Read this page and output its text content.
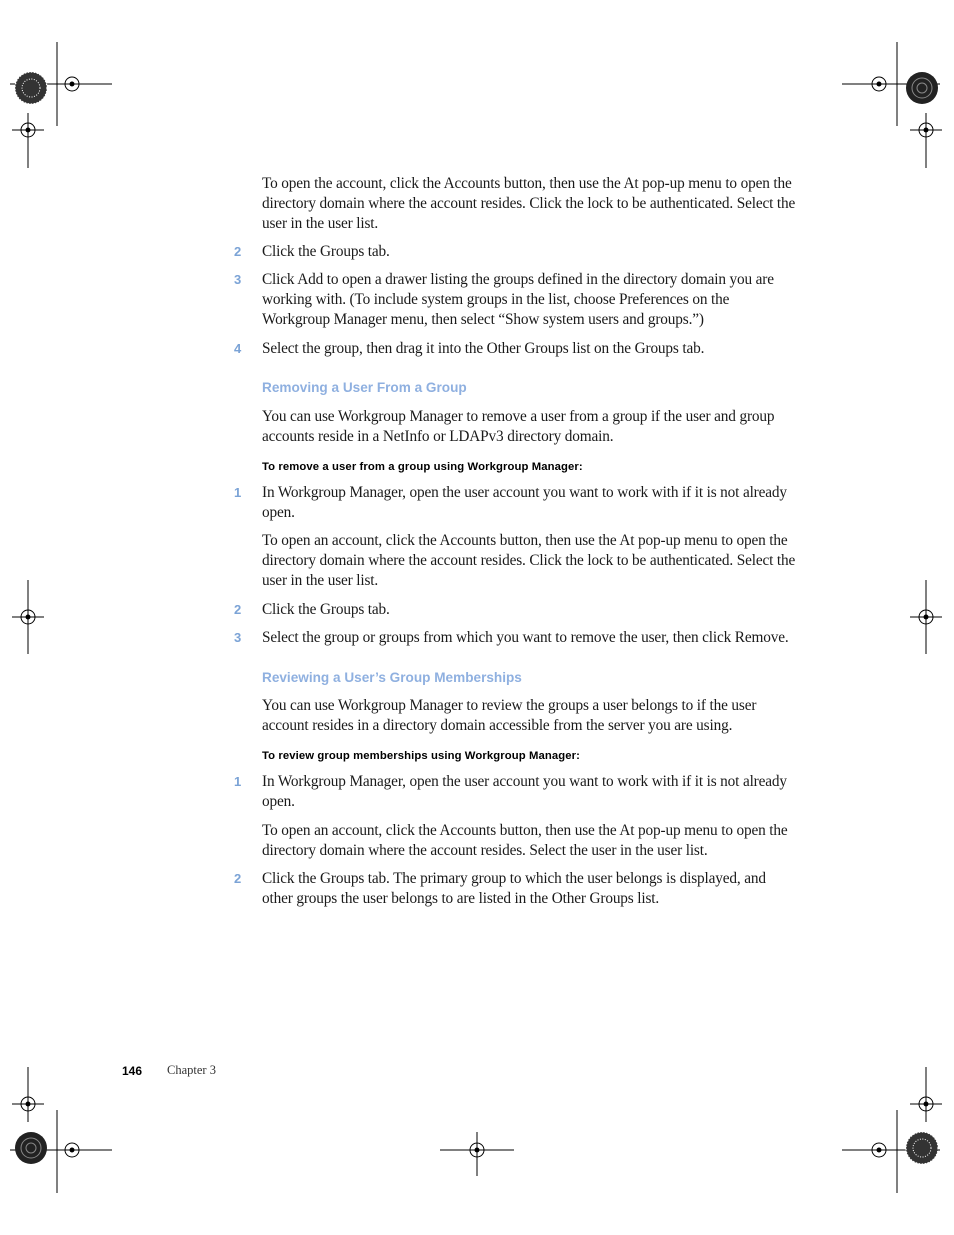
To open the account, click the Accounts button, then use the At pop-up menu to open the directory domain where the account resides. Click the lock to be authenticated. Select the user in the user list.

2 Click the Groups tab.

3 Click Add to open a drawer listing the groups defined in the directory domain you are working with. (To include system groups in the list, choose Preferences on the Workgroup Manager menu, then select “Show system users and groups.”)

4 Select the group, then drag it into the Other Groups list on the Groups tab.

Removing a User From a Group

You can use Workgroup Manager to remove a user from a group if the user and group accounts reside in a NetInfo or LDAPv3 directory domain.

To remove a user from a group using Workgroup Manager:

1 In Workgroup Manager, open the user account you want to work with if it is not already open.

To open an account, click the Accounts button, then use the At pop-up menu to open the directory domain where the account resides. Click the lock to be authenticated. Select the user in the user list.

2 Click the Groups tab.

3 Select the group or groups from which you want to remove the user, then click Remove.

Reviewing a User’s Group Memberships

You can use Workgroup Manager to review the groups a user belongs to if the user account resides in a directory domain accessible from the server you are using.

To review group memberships using Workgroup Manager:

1 In Workgroup Manager, open the user account you want to work with if it is not already open.

To open an account, click the Accounts button, then use the At pop-up menu to open the directory domain where the account resides. Select the user in the user list.

2 Click the Groups tab. The primary group to which the user belongs is displayed, and other groups the user belongs to are listed in the Other Groups list.

146 Chapter 3
